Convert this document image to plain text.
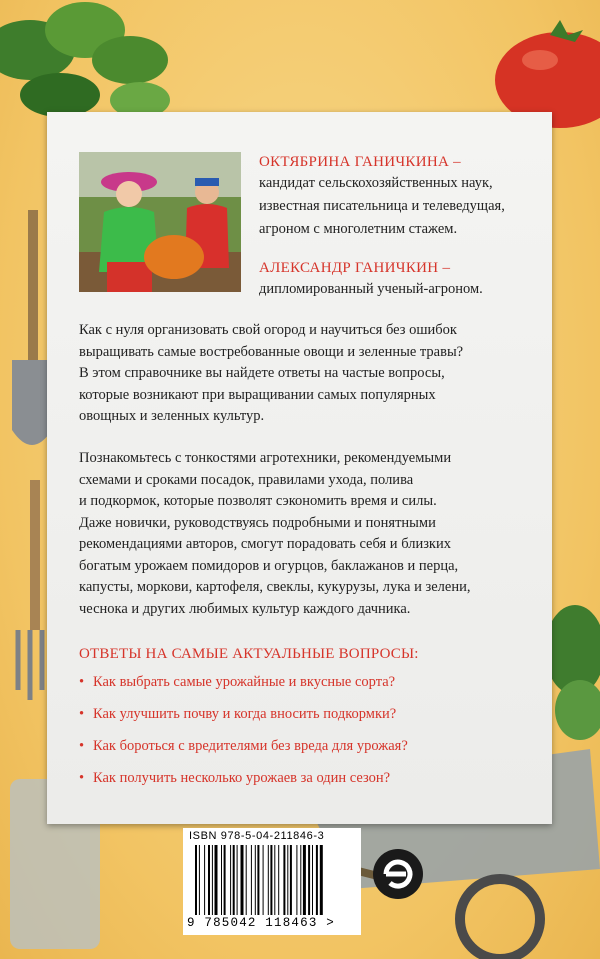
ОКТЯБРИНА ГАНИЧКИНА –
кандидат сельскохозяйственных наук,
известная писательница и телеведущая,
агроном с многолетним стажем.
АЛЕКСАНДР ГАНИЧКИН –
дипломированный ученый-агроном.
Как с нуля организовать свой огород и научиться без ошибок
выращивать самые востребованные овощи и зеленные травы?
В этом справочнике вы найдете ответы на частые вопросы,
которые возникают при выращивании самых популярных
овощных и зеленных культур.
Познакомьтесь с тонкостями агротехники, рекомендуемыми
схемами и сроками посадок, правилами ухода, полива
и подкормок, которые позволят сэкономить время и силы.
Даже новички, руководствуясь подробными и понятными
рекомендациями авторов, смогут порадовать себя и близких
богатым урожаем помидоров и огурцов, баклажанов и перца,
капусты, моркови, картофеля, свеклы, кукурузы, лука и зелени,
чеснока и других любимых культур каждого дачника.
ОТВЕТЫ НА САМЫЕ АКТУАЛЬНЫЕ ВОПРОСЫ:
• Как выбрать самые урожайные и вкусные сорта?
• Как улучшить почву и когда вносить подкормки?
• Как бороться с вредителями без вреда для урожая?
• Как получить несколько урожаев за один сезон?
ISBN 978-5-04-211846-3
9 785042 118463 >
